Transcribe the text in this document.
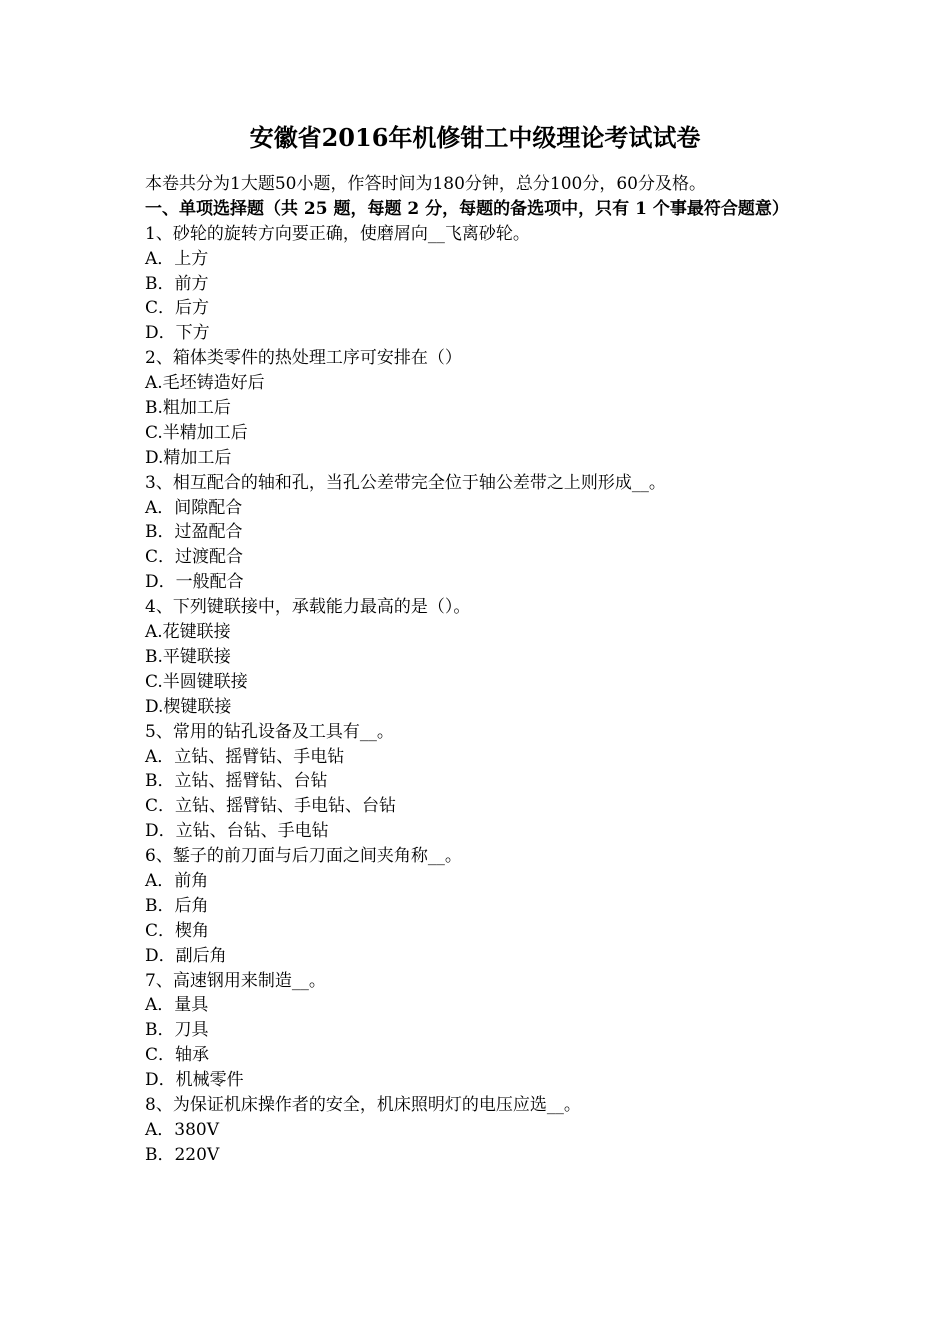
安徽省2016年机修钳工中级理论考试试卷
本卷共分为1大题50小题，作答时间为180分钟，总分100分，60分及格。
一、单项选择题（共 25 题，每题 2 分，每题的备选项中，只有 1 个事最符合题意）
1、砂轮的旋转方向要正确，使磨屑向__飞离砂轮。
A．上方
B．前方
C．后方
D．下方
2、箱体类零件的热处理工序可安排在（）
A.毛坯铸造好后
B.粗加工后
C.半精加工后
D.精加工后
3、相互配合的轴和孔，当孔公差带完全位于轴公差带之上则形成__。
A．间隙配合
B．过盈配合
C．过渡配合
D．一般配合
4、下列键联接中，承载能力最高的是（）。
A.花键联接
B.平键联接
C.半圆键联接
D.楔键联接
5、常用的钻孔设备及工具有__。
A．立钻、摇臂钻、手电钻
B．立钻、摇臂钻、台钻
C．立钻、摇臂钻、手电钻、台钻
D．立钻、台钻、手电钻
6、錾子的前刀面与后刀面之间夹角称__。
A．前角
B．后角
C．楔角
D．副后角
7、高速钢用来制造__。
A．量具
B．刀具
C．轴承
D．机械零件
8、为保证机床操作者的安全，机床照明灯的电压应选__。
A．380V
B．220V
